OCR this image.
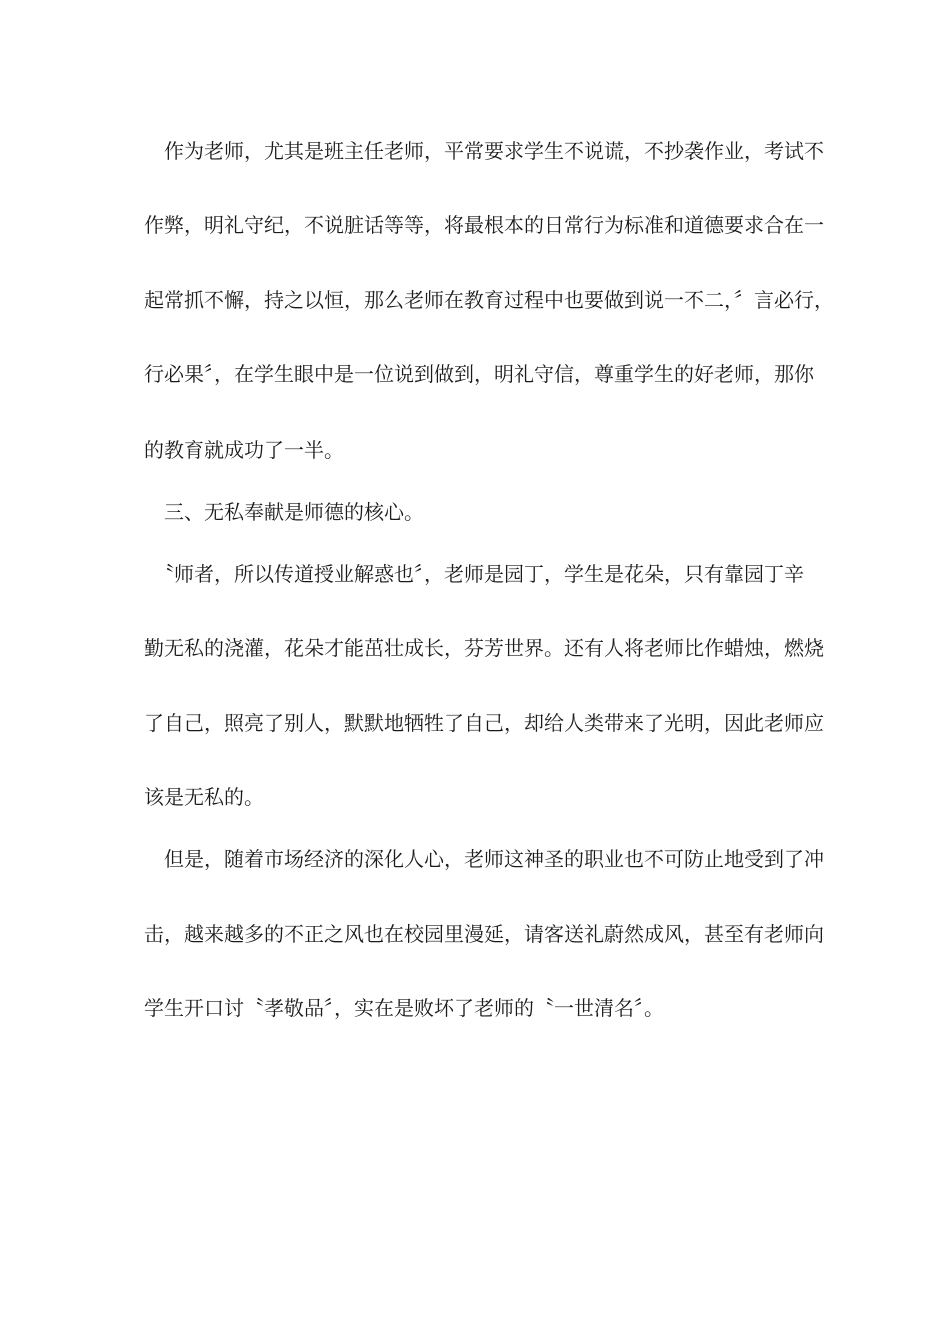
　作为老师，尤其是班主任老师，平常要求学生不说谎，不抄袭作业，考试不
作弊，明礼守纪，不说脏话等等，将最根本的日常行为标准和道德要求合在一
起常抓不懈，持之以恒，那么老师在教育过程中也要做到说一不二，〞言必行，
行必果〞，在学生眼中是一位说到做到，明礼守信，尊重学生的好老师，那你
的教育就成功了一半。
　三、无私奉献是师德的核心。
　〝师者，所以传道授业解惑也〞，老师是园丁，学生是花朵，只有靠园丁辛
勤无私的浇灌，花朵才能茁壮成长，芬芳世界。还有人将老师比作蜡烛，燃烧
了自己，照亮了别人，默默地牺牲了自己，却给人类带来了光明，因此老师应
该是无私的。
　但是，随着市场经济的深化人心，老师这神圣的职业也不可防止地受到了冲
击，越来越多的不正之风也在校园里漫延，请客送礼蔚然成风，甚至有老师向
学生开口讨〝孝敬品〞，实在是败坏了老师的〝一世清名〞。
